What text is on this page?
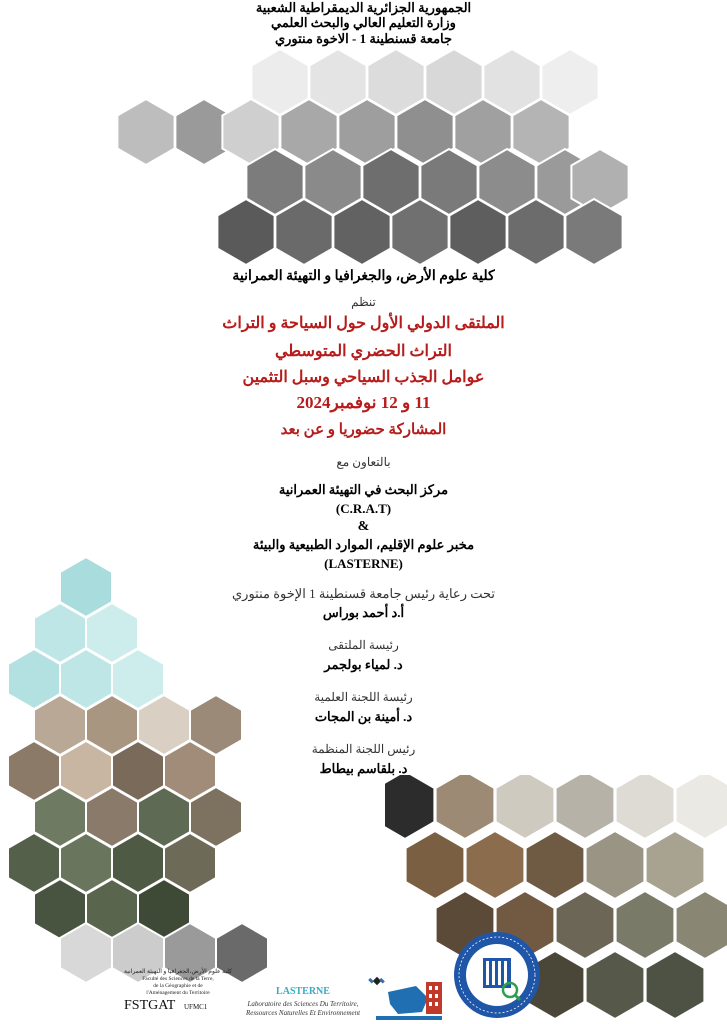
الجمهورية الجزائرية الديمقراطية الشعبية
وزارة التعليم العالي والبحث العلمي
جامعة قسنطينة 1 - الاخوة منتوري
كلية علوم الأرض، والجغرافيا و التهيئة العمرانية
تنظم
الملتقى الدولي الأول حول السياحة و التراث
التراث الحضري المتوسطي
عوامل الجذب السياحي وسبل التثمين
11 و 12 نوفمبر2024
المشاركة حضوريا و عن بعد
بالتعاون مع
مركز البحث في التهيئة العمرانية
(C.R.A.T)
&
مخبر علوم الإقليم، الموارد الطبيعية والبيئة
(LASTERNE)
تحت رعاية رئيس جامعة قسنطينة 1 الإخوة منتوري
أ.د أحمد بوراس
رئيسة الملتقى
د. لمياء بولجمر
رئيسة اللجنة العلمية
د. أمينة بن المجات
رئيس اللجنة المنظمة
د. بلقاسم بيطاط
كلية علوم الأرض،الجغرافيا و التهيئة العمرانية
Faculté des Sciences de la Terre,
de la Géographie et de
l'Aménagement du Territoire
FSTGAT UFMC1
LASTERNE
Laboratoire des Sciences Du Territoire,
Ressources Naturelles Et Environnement
